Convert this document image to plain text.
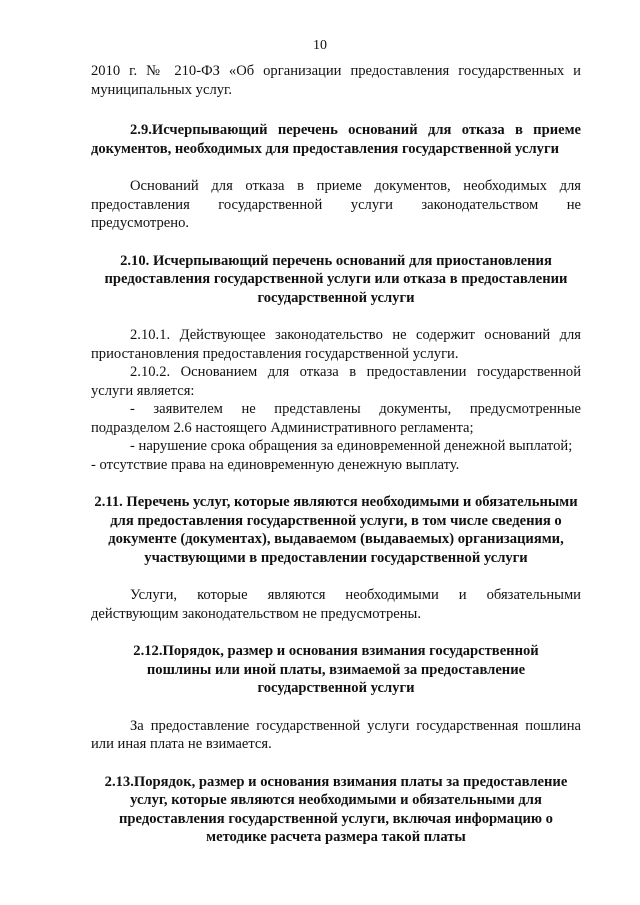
10

2010 г. № 210-ФЗ «Об организации предоставления государственных и муниципальных услуг.

2.9.Исчерпывающий перечень оснований для отказа в приеме документов, необходимых для предоставления государственной услуги

Оснований для отказа в приеме документов, необходимых для предоставления государственной услуги законодательством не предусмотрено.

2.10. Исчерпывающий перечень оснований для приостановления предоставления государственной услуги или отказа в предоставлении государственной услуги

2.10.1. Действующее законодательство не содержит оснований для приостановления предоставления государственной услуги.

2.10.2. Основанием для отказа в предоставлении государственной услуги является:

- заявителем не представлены документы, предусмотренные подразделом 2.6 настоящего Административного регламента;

- нарушение срока обращения за единовременной денежной выплатой;

- отсутствие права на единовременную денежную выплату.

2.11. Перечень услуг, которые являются необходимыми и обязательными для предоставления государственной услуги, в том числе сведения о документе (документах), выдаваемом (выдаваемых) организациями, участвующими в предоставлении государственной услуги

Услуги, которые являются необходимыми и обязательными действующим законодательством не предусмотрены.

2.12.Порядок, размер и основания взимания государственной пошлины или иной платы, взимаемой за предоставление государственной услуги

За предоставление государственной услуги государственная пошлина или иная плата не взимается.

2.13.Порядок, размер и основания взимания платы за предоставление услуг, которые являются необходимыми и обязательными для предоставления государственной услуги, включая информацию о методике расчета размера такой платы
